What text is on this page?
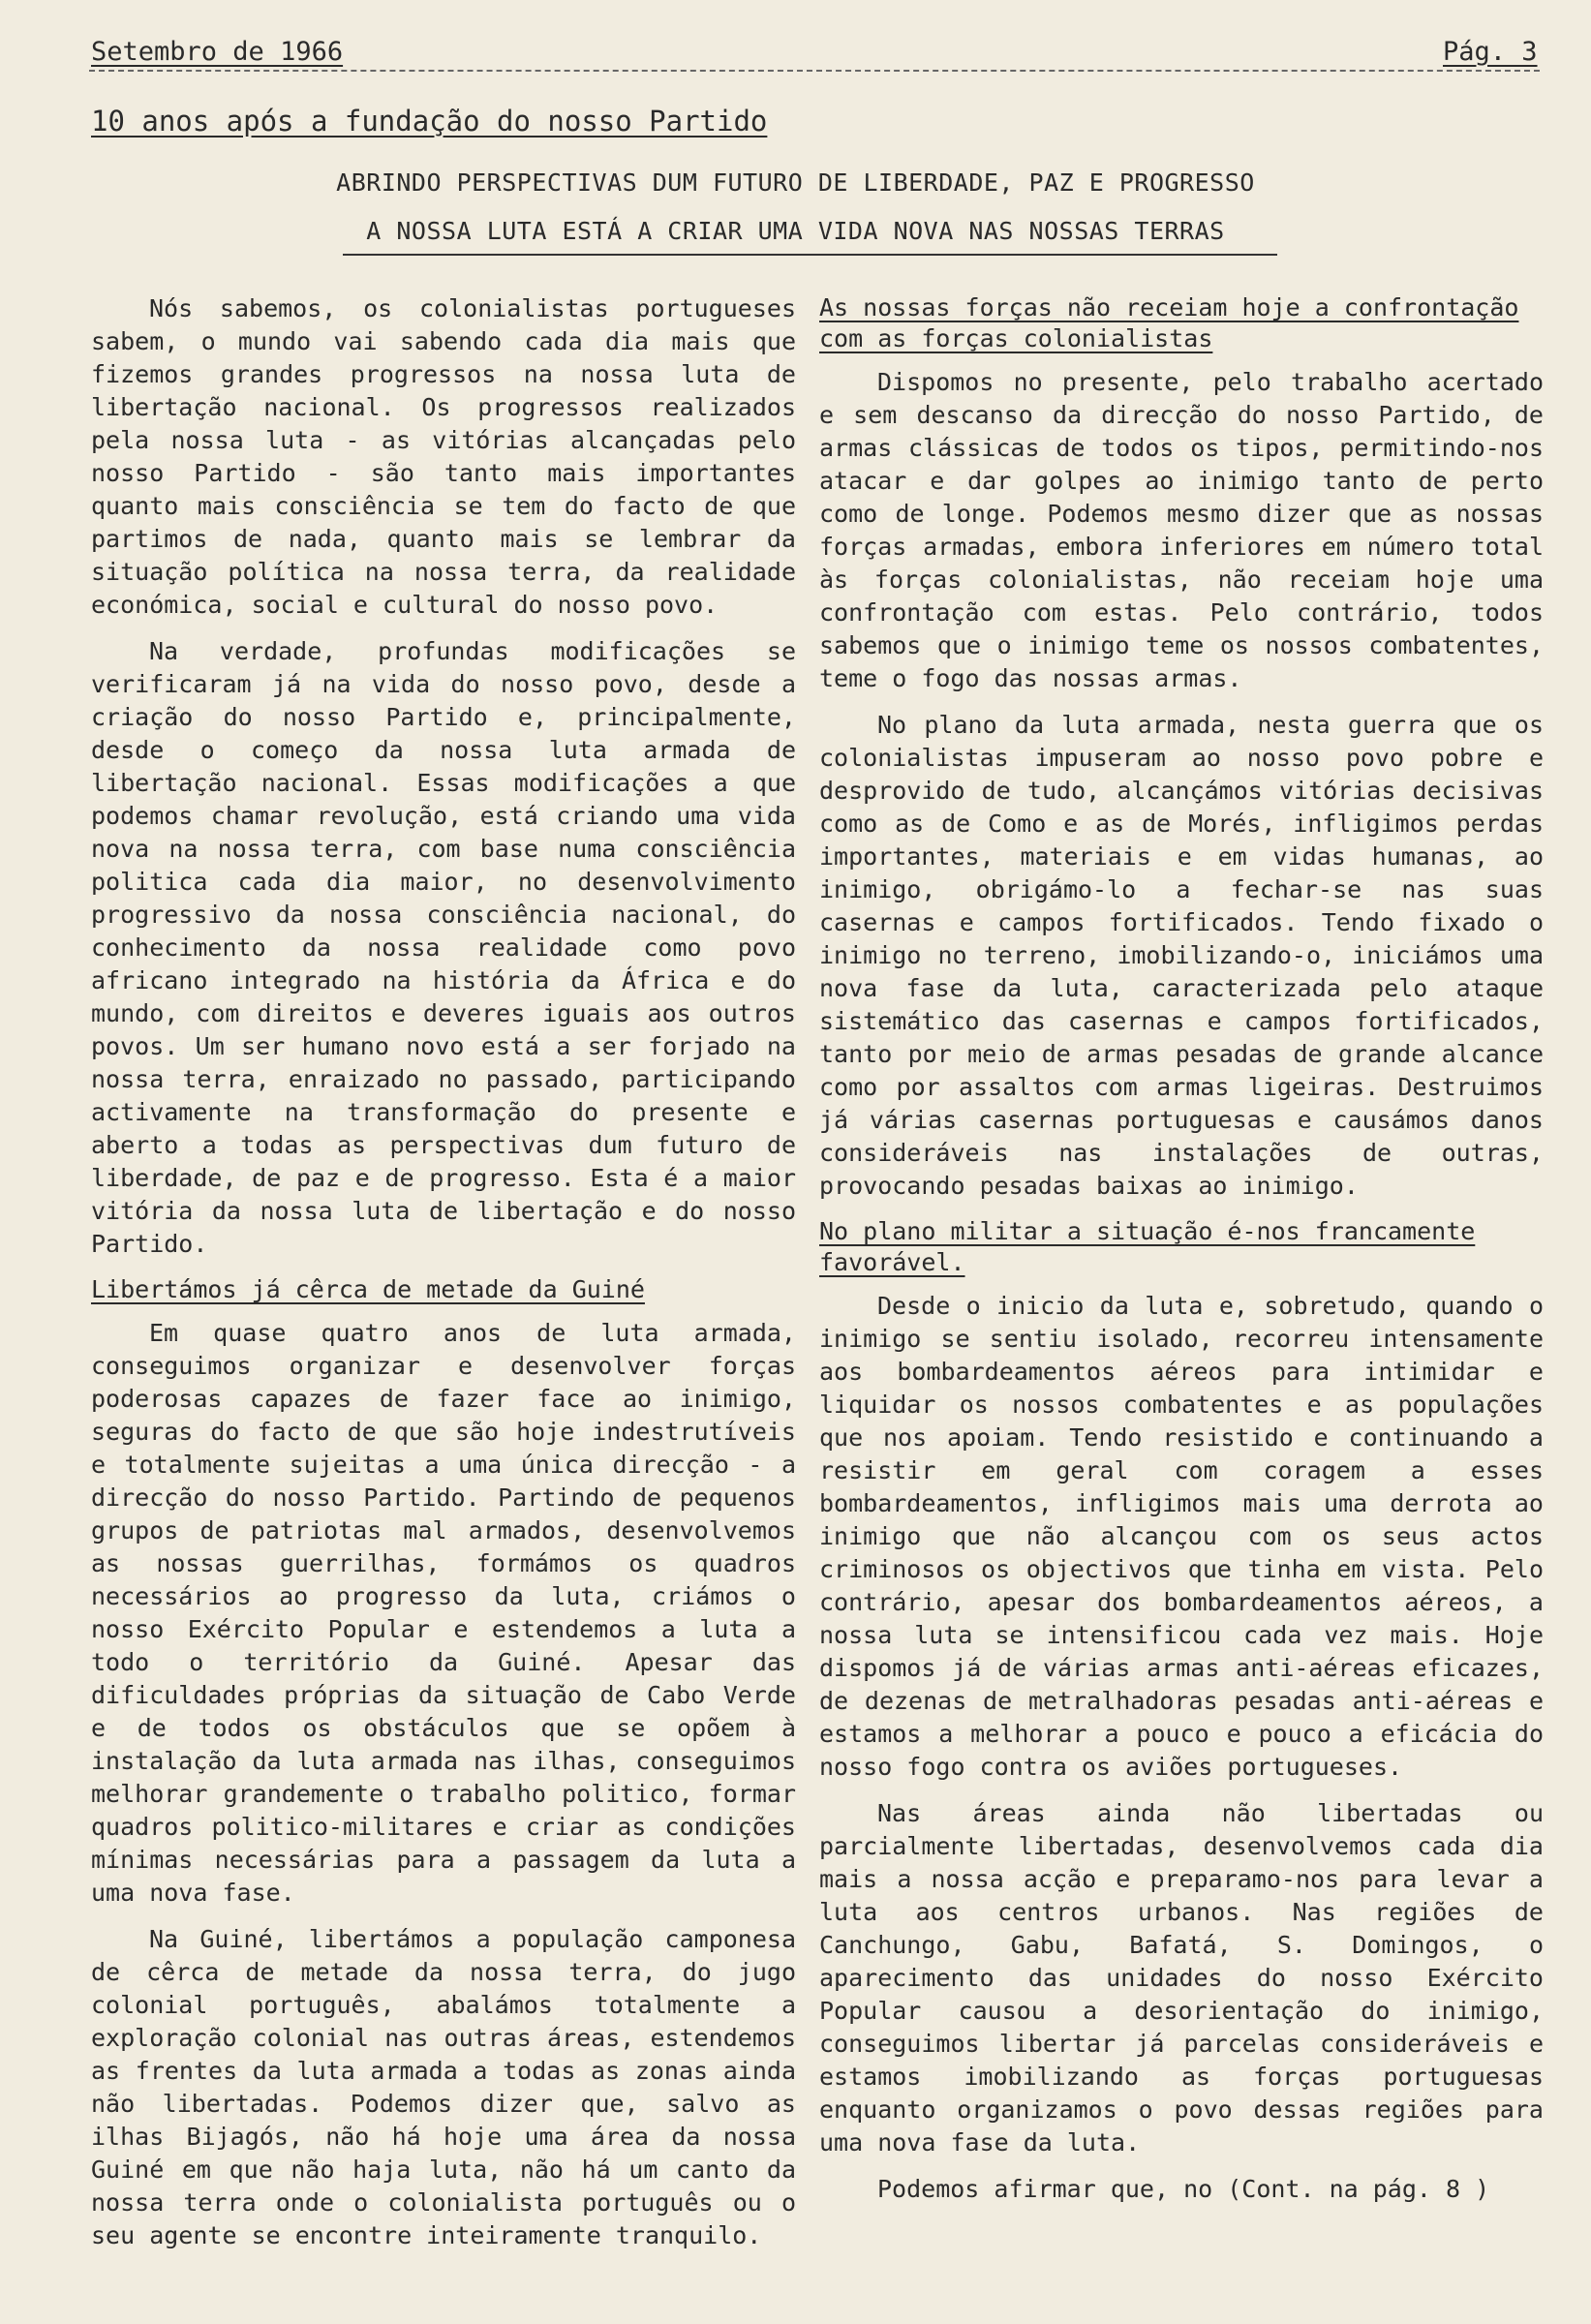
Setembro de 1966	Pág. 3
10 anos após a fundação do nosso Partido
ABRINDO PERSPECTIVAS DUM FUTURO DE LIBERDADE, PAZ E PROGRESSO
A NOSSA LUTA ESTÁ A CRIAR UMA VIDA NOVA NAS NOSSAS TERRAS

Nós sabemos, os colonialistas portugueses sabem, o mundo vai sabendo cada dia mais que fizemos grandes progressos na nossa luta de libertação nacional. Os progressos realizados pela nossa luta - as vitórias alcançadas pelo nosso Partido - são tanto mais importantes quanto mais consciência se tem do facto de que partimos de nada, quanto mais se lembrar da situação política na nossa terra, da realidade económica, social e cultural do nosso povo.

Na verdade, profundas modificações se verificaram já na vida do nosso povo, desde a criação do nosso Partido e, principalmente, desde o começo da nossa luta armada de libertação nacional. Essas modificações a que podemos chamar revolução, está criando uma vida nova na nossa terra, com base numa consciência politica cada dia maior, no desenvolvimento progressivo da nossa consciência nacional, do conhecimento da nossa realidade como povo africano integrado na história da África e do mundo, com direitos e deveres iguais aos outros povos. Um ser humano novo está a ser forjado na nossa terra, enraizado no passado, participando activamente na transformação do presente e aberto a todas as perspectivas dum futuro de liberdade, de paz e de progresso. Esta é a maior vitória da nossa luta de libertação e do nosso Partido.

Libertámos já cêrca de metade da Guiné

Em quase quatro anos de luta armada, conseguimos organizar e desenvolver forças poderosas capazes de fazer face ao inimigo, seguras do facto de que são hoje indestrutíveis e totalmente sujeitas a uma única direcção - a direcção do nosso Partido. Partindo de pequenos grupos de patriotas mal armados, desenvolvemos as nossas guerrilhas, formámos os quadros necessários ao progresso da luta, criámos o nosso Exército Popular e estendemos a luta a todo o território da Guiné. Apesar das dificuldades próprias da situação de Cabo Verde e de todos os obstáculos que se opõem à instalação da luta armada nas ilhas, conseguimos melhorar grandemente o trabalho politico, formar quadros politico-militares e criar as condições mínimas necessárias para a passagem da luta a uma nova fase.

Na Guiné, libertámos a população camponesa de cêrca de metade da nossa terra, do jugo colonial português, abalámos totalmente a exploração colonial nas outras áreas, estendemos as frentes da luta armada a todas as zonas ainda não libertadas. Podemos dizer que, salvo as ilhas Bijagós, não há hoje uma área da nossa Guiné em que não haja luta, não há um canto da nossa terra onde o colonialista português ou o seu agente se encontre inteiramente tranquilo.

As nossas forças não receiam hoje a confrontação com as forças colonialistas

Dispomos no presente, pelo trabalho acertado e sem descanso da direcção do nosso Partido, de armas clássicas de todos os tipos, permitindo-nos atacar e dar golpes ao inimigo tanto de perto como de longe. Podemos mesmo dizer que as nossas forças armadas, embora inferiores em número total às forças colonialistas, não receiam hoje uma confrontação com estas. Pelo contrário, todos sabemos que o inimigo teme os nossos combatentes, teme o fogo das nossas armas.

No plano da luta armada, nesta guerra que os colonialistas impuseram ao nosso povo pobre e desprovido de tudo, alcançámos vitórias decisivas como as de Como e as de Morés, infligimos perdas importantes, materiais e em vidas humanas, ao inimigo, obrigámo-lo a fechar-se nas suas casernas e campos fortificados. Tendo fixado o inimigo no terreno, imobilizando-o, iniciámos uma nova fase da luta, caracterizada pelo ataque sistemático das casernas e campos fortificados, tanto por meio de armas pesadas de grande alcance como por assaltos com armas ligeiras. Destruimos já várias casernas portuguesas e causámos danos consideráveis nas instalações de outras, provocando pesadas baixas ao inimigo.

No plano militar a situação é-nos francamente favorável.

Desde o inicio da luta e, sobretudo, quando o inimigo se sentiu isolado, recorreu intensamente aos bombardeamentos aéreos para intimidar e liquidar os nossos combatentes e as populações que nos apoiam. Tendo resistido e continuando a resistir em geral com coragem a esses bombardeamentos, infligimos mais uma derrota ao inimigo que não alcançou com os seus actos criminosos os objectivos que tinha em vista. Pelo contrário, apesar dos bombardeamentos aéreos, a nossa luta se intensificou cada vez mais. Hoje dispomos já de várias armas anti-aéreas eficazes, de dezenas de metralhadoras pesadas anti-aéreas e estamos a melhorar a pouco e pouco a eficácia do nosso fogo contra os aviões portugueses.

Nas áreas ainda não libertadas ou parcialmente libertadas, desenvolvemos cada dia mais a nossa acção e preparamo-nos para levar a luta aos centros urbanos. Nas regiões de Canchungo, Gabu, Bafatá, S. Domingos, o aparecimento das unidades do nosso Exército Popular causou a desorientação do inimigo, conseguimos libertar já parcelas consideráveis e estamos imobilizando as forças portuguesas enquanto organizamos o povo dessas regiões para uma nova fase da luta.

Podemos afirmar que, no (Cont. na pág. 8 )
